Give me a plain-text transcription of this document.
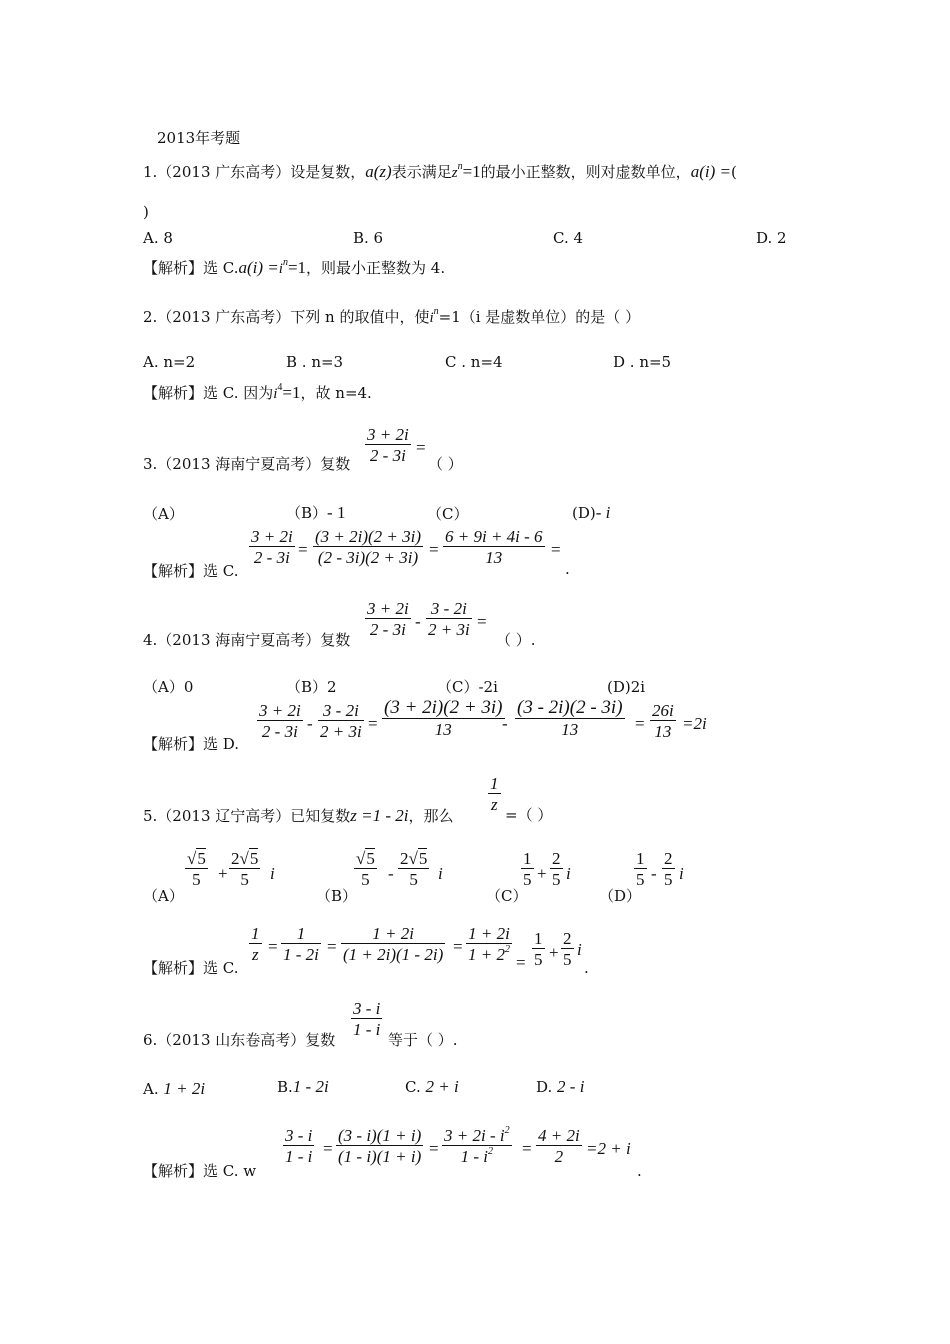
2013年考题
1.（2013 广东高考）设是复数，a(z)表示满足$z^n=1$的最小正整数，则对虚数单位，a(i) =(
)
A. 8	B. 6	C. 4	D. 2
【解析】选 $C.a(i) =i^n=1$，则最小正整数为 4.
2.（2013 广东高考）下列 n 的取值中，使$i^n=1(i$ 是虚数单位）的是（ ）
A. n=2	B . n=3	C . n=4	D . n=5
【解析】选 C. 因为$i^4=1$，故 n=4.
3.（2013 海南宁夏高考）复数 $\frac{3 + 2i}{2 - 3i}$ =
（ ）
（A）	（B）- 1	（C）	(D)- i
【解析】选 C.
$\frac{3 + 2i}{2 - 3i} = \frac{(3 + 2i)(2 + 3i)}{(2 - 3i)(2 + 3i)} = \frac{6 + 9i + 4i - 6}{13}$ =
.
4.（2013 海南宁夏高考）复数
$\frac{3 + 2i}{2 - 3i} - \frac{3 - 2i}{2 + 3i}$ =
（ ）.
（A）0	（B）2	（C）-2i	(D)2i
【解析】选 D.
$\frac{3 + 2i}{2 - 3i} - \frac{3 - 2i}{2 + 3i} = \frac{(3 + 2i)(2 + 3i)}{13}$
- $\frac{(3 - 2i)(2 - 3i)}{13} = \frac{26i}{13} =2i$
5.（2013 辽宁高考）已知复数z =1 - 2i，那么
$\frac{1}{z}$
=（ ）
（A）
$\frac{√5}{5} + \frac{2√5}{5}$ i
（B）
$\frac{√5}{5} - \frac{2√5}{5}$ i
（C）
$\frac{1}{5} + \frac{2}{5}$ i
（D）
$\frac{1}{5} - \frac{2}{5}$ i
【解析】选 C.
$\frac{1}{z} = \frac{1}{1 - 2i} = \frac{1 + 2i}{(1 + 2i)(1 - 2i)} = \frac{1 + 2i}{1 + 2^2} = \frac{1}{5} + \frac{2}{5}$ i
.
6.（2013 山东卷高考）复数
$\frac{3 - i}{1 - i}$
等于（ ）.
A. 1 + 2i	B.1 - 2i	C. 2 + i	D. 2 - i
【解析】选 C. w
$\frac{3 - i}{1 - i} = \frac{(3 - i)(1 + i)}{(1 - i)(1 + i)} = \frac{3 + 2i - i^2}{1 - i^2} = \frac{4 + 2i}{2} =2 + i$
.
